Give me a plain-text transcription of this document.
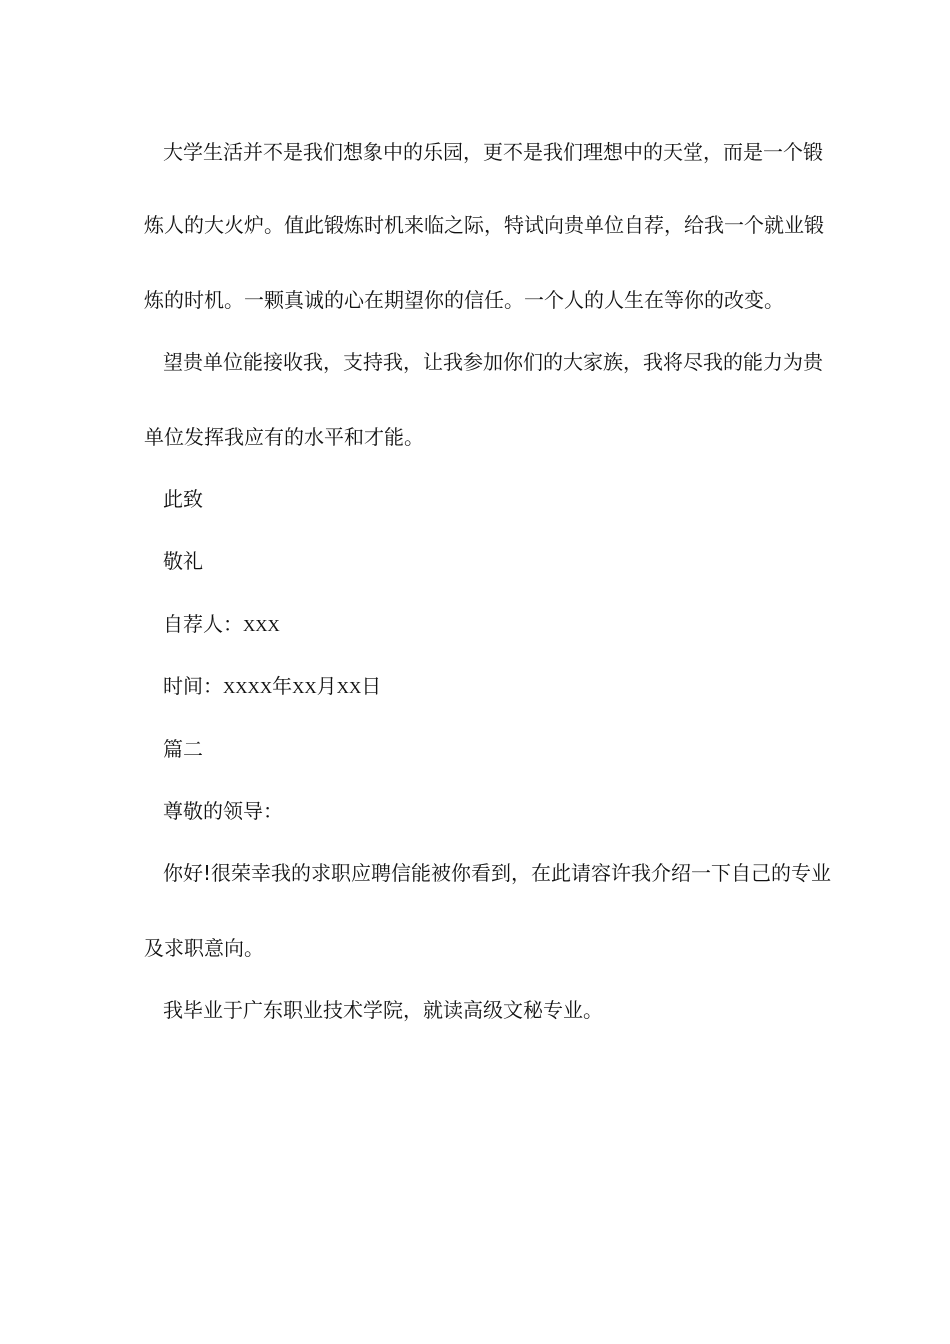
大学生活并不是我们想象中的乐园，更不是我们理想中的天堂，而是一个锻

炼人的大火炉。值此锻炼时机来临之际，特试向贵单位自荐，给我一个就业锻

炼的时机。一颗真诚的心在期望你的信任。一个人的人生在等你的改变。

望贵单位能接收我，支持我，让我参加你们的大家族，我将尽我的能力为贵

单位发挥我应有的水平和才能。

此致

敬礼

自荐人：XXX

时间：XXXX年XX月XX日

篇二

尊敬的领导：

你好!很荣幸我的求职应聘信能被你看到，在此请容许我介绍一下自己的专业

及求职意向。

我毕业于广东职业技术学院，就读高级文秘专业。
